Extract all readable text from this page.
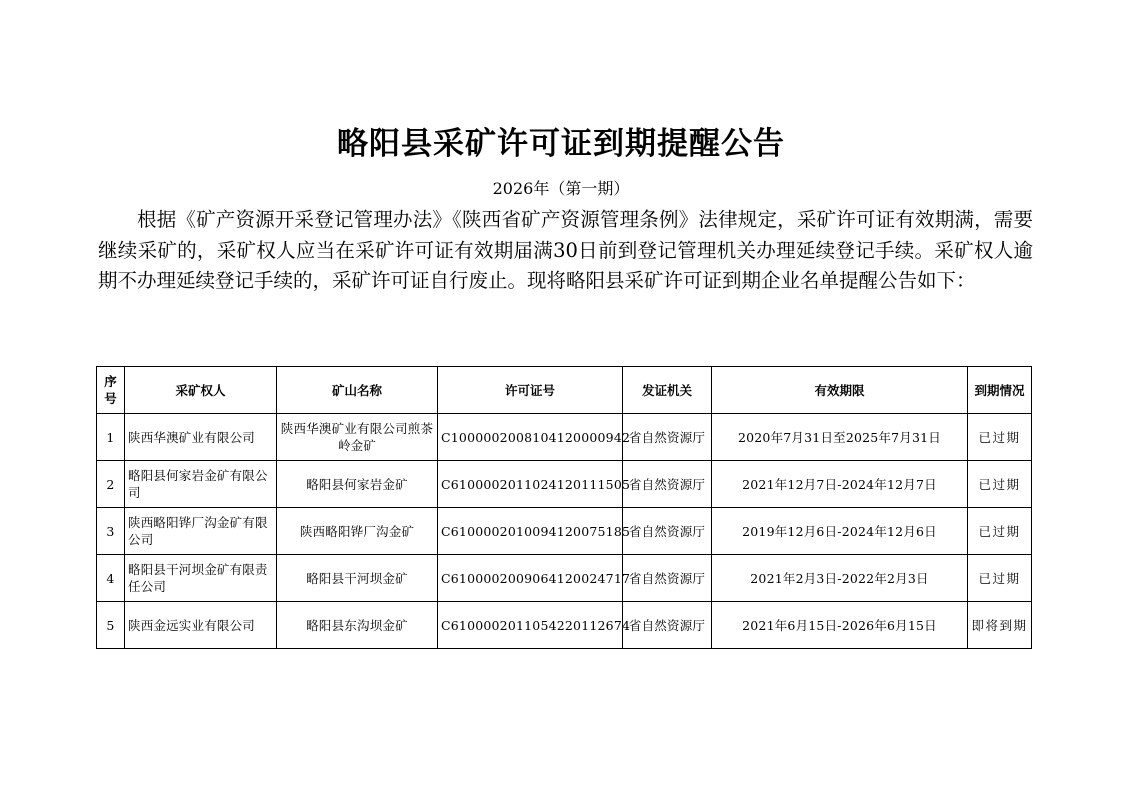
略阳县采矿许可证到期提醒公告
2026年（第一期）

根据《矿产资源开采登记管理办法》《陕西省矿产资源管理条例》法律规定，采矿许可证有效期满，需要继续采矿的，采矿权人应当在采矿许可证有效期届满30日前到登记管理机关办理延续登记手续。采矿权人逾期不办理延续登记手续的，采矿许可证自行废止。现将略阳县采矿许可证到期企业名单提醒公告如下：

序号	采矿权人	矿山名称	许可证号	发证机关	有效期限	到期情况
1	陕西华澳矿业有限公司	陕西华澳矿业有限公司煎茶岭金矿	C1000002008104120000942	省自然资源厅	2020年7月31日至2025年7月31日	已过期
2	略阳县何家岩金矿有限公司	略阳县何家岩金矿	C6100002011024120111505	省自然资源厅	2021年12月7日-2024年12月7日	已过期
3	陕西略阳铧厂沟金矿有限公司	陕西略阳铧厂沟金矿	C6100002010094120075185	省自然资源厅	2019年12月6日-2024年12月6日	已过期
4	略阳县干河坝金矿有限责任公司	略阳县干河坝金矿	C6100002009064120024717	省自然资源厅	2021年2月3日-2022年2月3日	已过期
5	陕西金远实业有限公司	略阳县东沟坝金矿	C6100002011054220112674	省自然资源厅	2021年6月15日-2026年6月15日	即将到期
